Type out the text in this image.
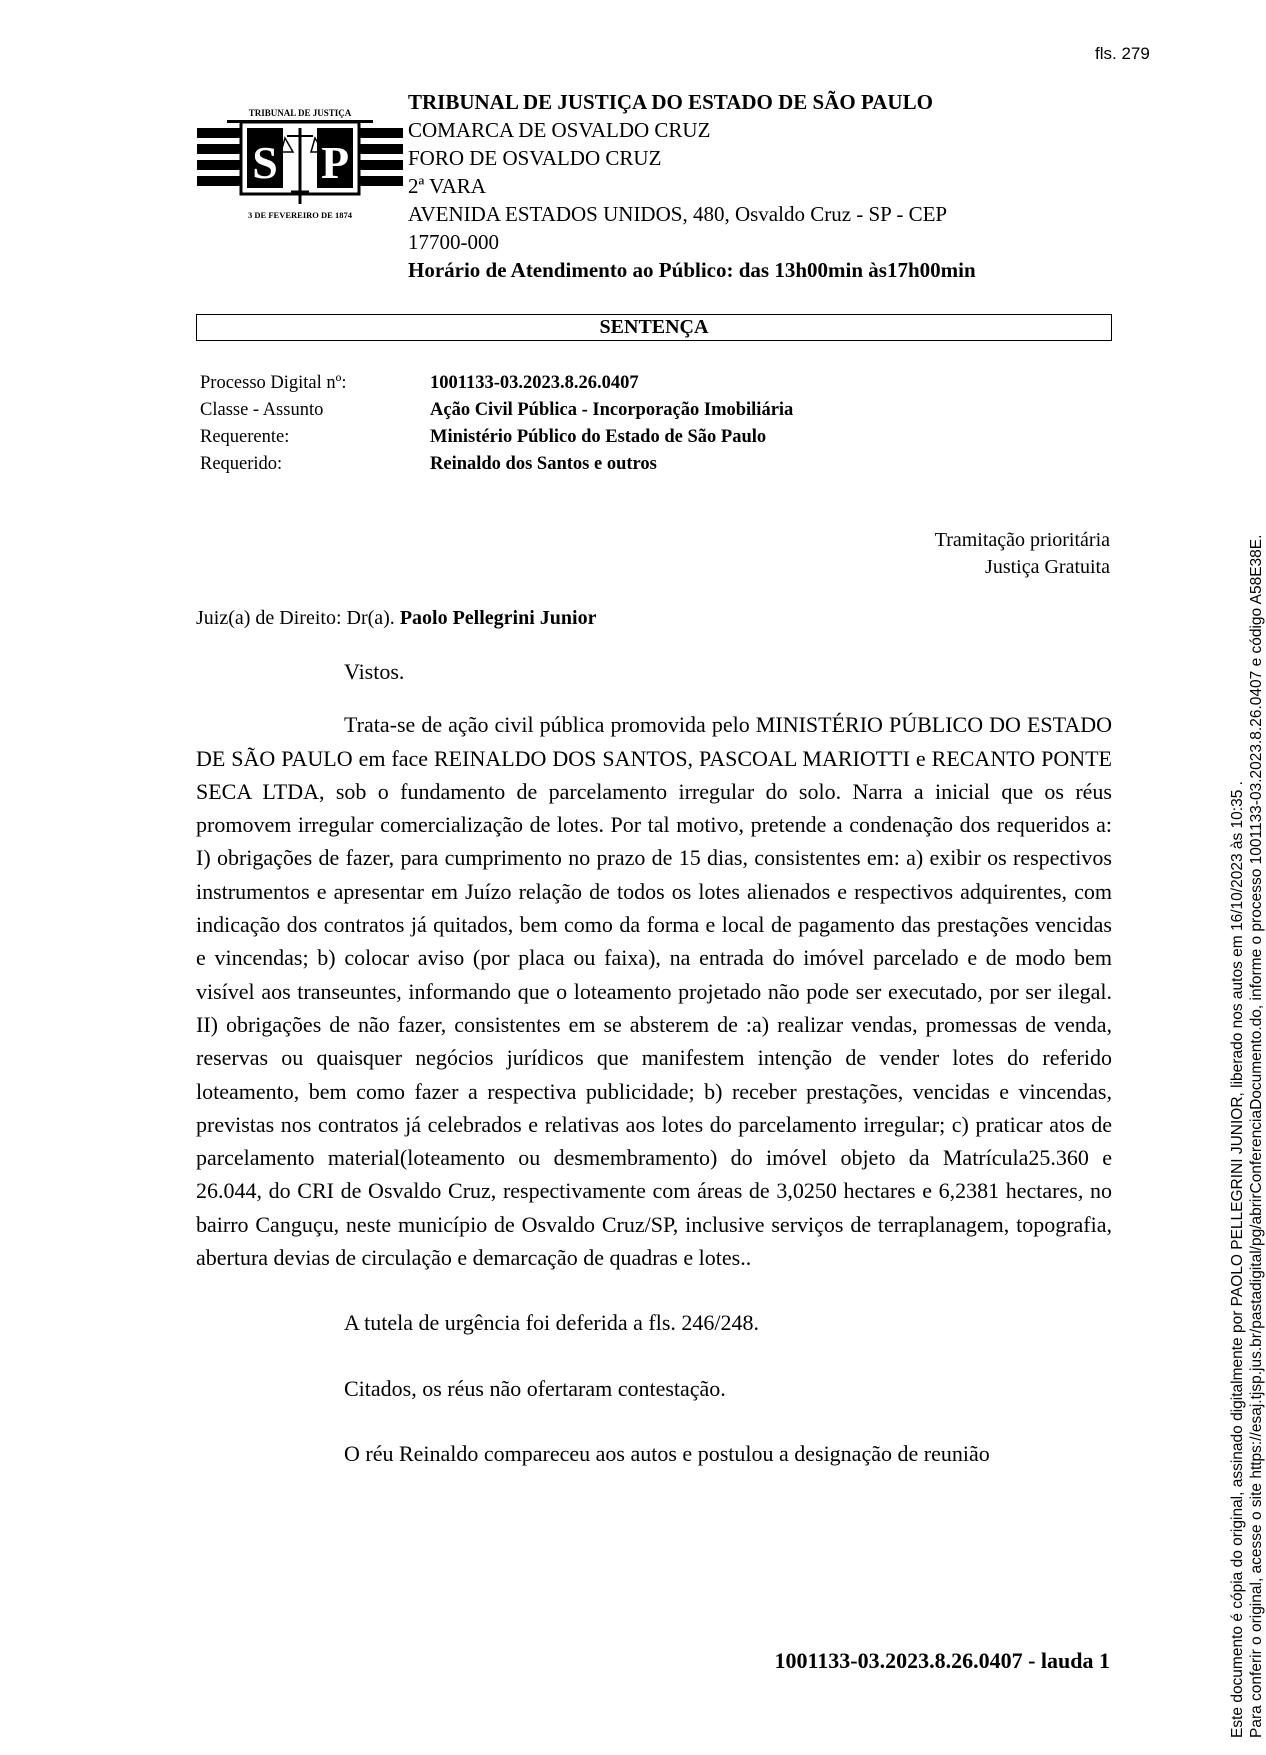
fls. 279
TRIBUNAL DE JUSTIÇA
S P
3 DE FEVEREIRO DE 1874
TRIBUNAL DE JUSTIÇA DO ESTADO DE SÃO PAULO
COMARCA DE OSVALDO CRUZ
FORO DE OSVALDO CRUZ
2ª VARA
AVENIDA ESTADOS UNIDOS, 480, Osvaldo Cruz - SP - CEP
17700-000
Horário de Atendimento ao Público: das 13h00min às17h00min
SENTENÇA
Processo Digital nº:	1001133-03.2023.8.26.0407
Classe - Assunto	Ação Civil Pública - Incorporação Imobiliária
Requerente:	Ministério Público do Estado de São Paulo
Requerido:	Reinaldo dos Santos e outros
Tramitação prioritária
Justiça Gratuita
Juiz(a) de Direito: Dr(a). Paolo Pellegrini Junior

Vistos.

Trata-se de ação civil pública promovida pelo MINISTÉRIO PÚBLICO DO ESTADO DE SÃO PAULO em face REINALDO DOS SANTOS, PASCOAL MARIOTTI e RECANTO PONTE SECA LTDA, sob o fundamento de parcelamento irregular do solo. Narra a inicial que os réus promovem irregular comercialização de lotes. Por tal motivo, pretende a condenação dos requeridos a: I) obrigações de fazer, para cumprimento no prazo de 15 dias, consistentes em: a) exibir os respectivos instrumentos e apresentar em Juízo relação de todos os lotes alienados e respectivos adquirentes, com indicação dos contratos já quitados, bem como da forma e local de pagamento das prestações vencidas e vincendas; b) colocar aviso (por placa ou faixa), na entrada do imóvel parcelado e de modo bem visível aos transeuntes, informando que o loteamento projetado não pode ser executado, por ser ilegal. II) obrigações de não fazer, consistentes em se absterem de :a) realizar vendas, promessas de venda, reservas ou quaisquer negócios jurídicos que manifestem intenção de vender lotes do referido loteamento, bem como fazer a respectiva publicidade; b) receber prestações, vencidas e vincendas, previstas nos contratos já celebrados e relativas aos lotes do parcelamento irregular; c) praticar atos de parcelamento material(loteamento ou desmembramento) do imóvel objeto da Matrícula25.360 e 26.044, do CRI de Osvaldo Cruz, respectivamente com áreas de 3,0250 hectares e 6,2381 hectares, no bairro Canguçu, neste município de Osvaldo Cruz/SP, inclusive serviços de terraplanagem, topografia, abertura devias de circulação e demarcação de quadras e lotes..

A tutela de urgência foi deferida a fls. 246/248.

Citados, os réus não ofertaram contestação.

O réu Reinaldo compareceu aos autos e postulou a designação de reunião

1001133-03.2023.8.26.0407 - lauda 1	Este documento é cópia do original, assinado digitalmente por PAOLO PELLEGRINI JUNIOR, liberado nos autos em 16/10/2023 às 10:35 . Para conferir o original, acesse o site https://esaj.tjsp.jus.br/pastadigital/pg/abrirConferenciaDocumento.do, informe o processo 1001133-03.2023.8.26.0407 e código A58E38E.
